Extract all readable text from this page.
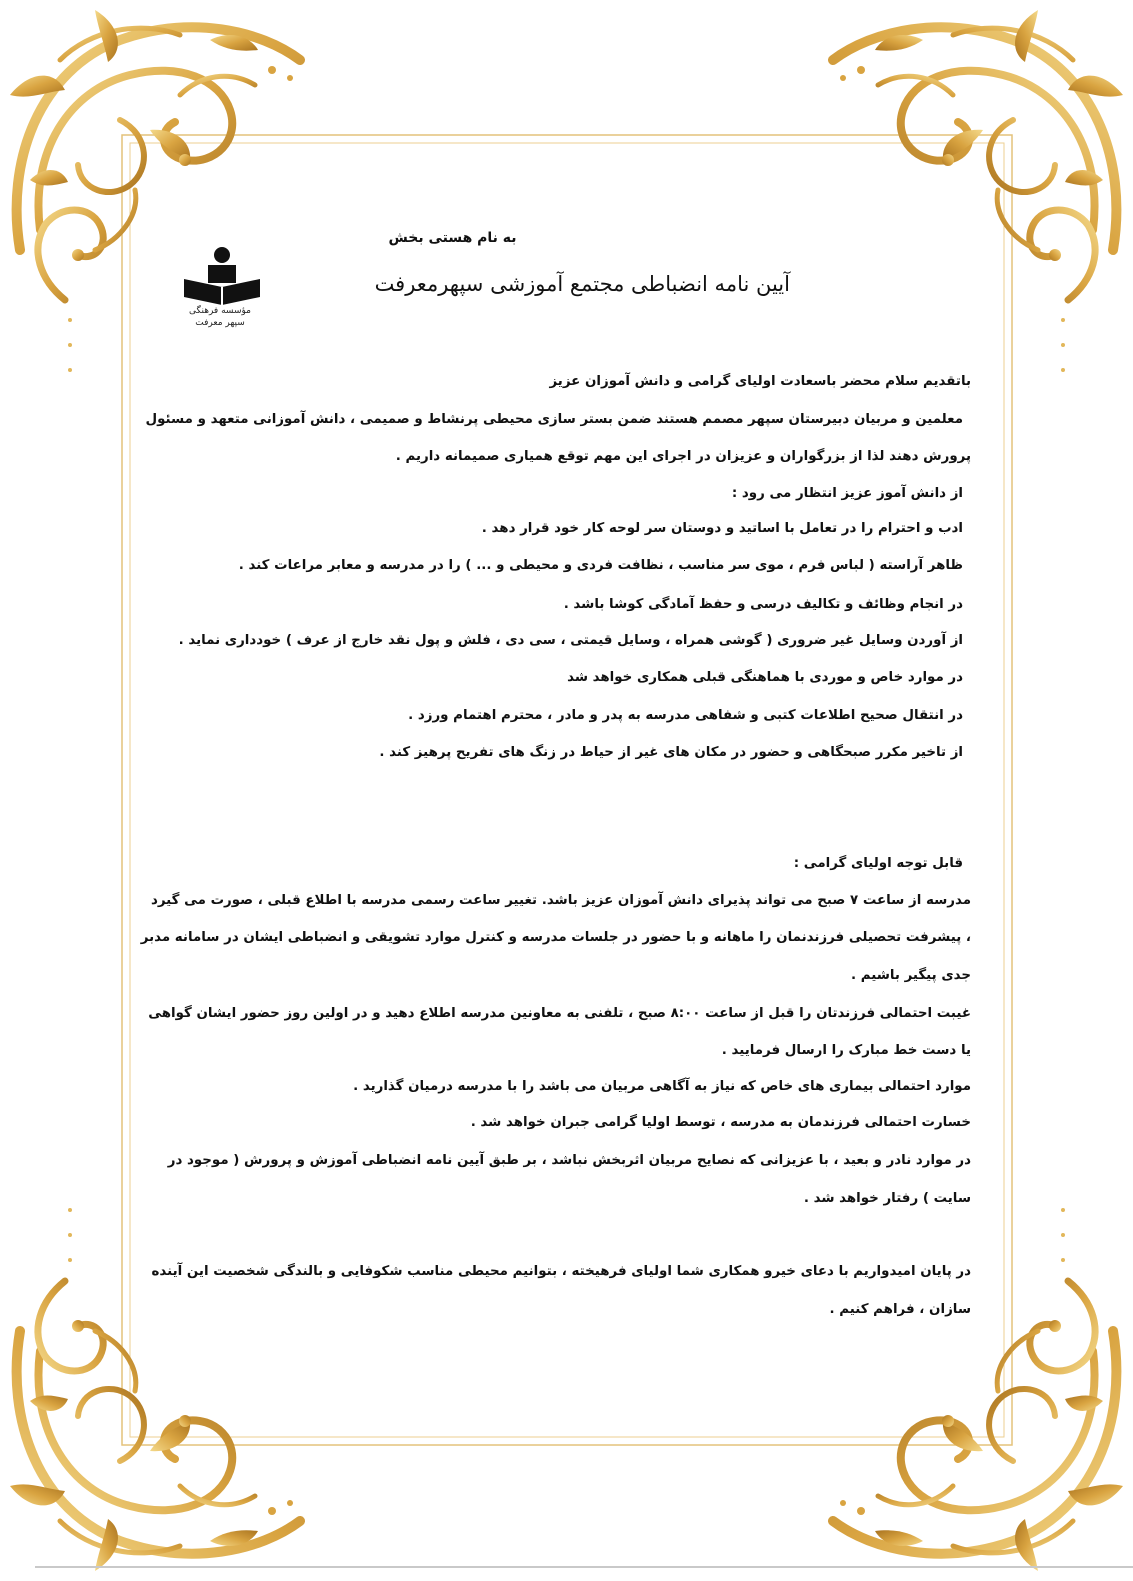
به نام هستی بخش
آیین نامه انضباطی مجتمع آموزشی سپهرمعرفت
مؤسسه فرهنگی
سپهر معرفت
باتقدیم سلام محضر باسعادت اولیای گرامی و دانش آموزان عزیز
معلمین و مربیان دبیرستان سپهر مصمم هستند ضمن بستر سازی محیطی پرنشاط و صمیمی ، دانش آموزانی متعهد و مسئول
پرورش دهند لذا از بزرگواران و عزیزان در اجرای این مهم توقع همیاری صمیمانه داریم .
از دانش آموز عزیز انتظار می رود :
ادب و احترام را در تعامل با اساتید و دوستان سر لوحه کار خود قرار دهد .
ظاهر آراسته ( لباس فرم ، موی سر مناسب ، نظافت فردی و محیطی و ... ) را در مدرسه و معابر مراعات کند .
در انجام وظائف و تکالیف درسی و حفظ آمادگی کوشا باشد .
از آوردن وسایل غیر ضروری ( گوشی همراه ، وسایل قیمتی ، سی دی ، فلش و پول نقد خارج از عرف ) خودداری نماید .
در موارد خاص و موردی با هماهنگی قبلی همکاری خواهد شد
در انتقال صحیح اطلاعات کتبی و شفاهی مدرسه به پدر و مادر ، محترم اهتمام ورزد .
از تاخیر مکرر صبحگاهی و حضور در مکان های غیر از حیاط در زنگ های تفریح پرهیز کند .
قابل توجه اولیای گرامی :
مدرسه از ساعت ۷ صبح می تواند پذیرای دانش آموزان عزیز باشد. تغییر ساعت رسمی مدرسه با اطلاع قبلی ، صورت می گیرد
، پیشرفت تحصیلی فرزندنمان را ماهانه و با حضور در جلسات مدرسه و کنترل موارد تشویقی و انضباطی ایشان در سامانه مدبر
جدی پیگیر باشیم .
غیبت احتمالی فرزندتان را قبل از ساعت ۸:۰۰ صبح ، تلفنی به معاونین مدرسه اطلاع دهید و در اولین روز حضور ایشان گواهی
یا دست خط مبارک را ارسال فرمایید .
موارد احتمالی بیماری های خاص که نیاز به آگاهی مربیان می باشد را با مدرسه درمیان گذارید .
خسارت احتمالی فرزندمان به مدرسه ، توسط اولیا گرامی جبران خواهد شد .
در موارد نادر و بعید ، با عزیزانی که نصایح مربیان اثربخش نباشد ، بر طبق آیین نامه انضباطی آموزش و پرورش ( موجود در
سایت ) رفتار خواهد شد .
در پایان امیدواریم با دعای خیرو همکاری شما اولیای فرهیخته ، بتوانیم محیطی مناسب شکوفایی و بالندگی شخصیت این آینده
سازان ، فراهم کنیم .
